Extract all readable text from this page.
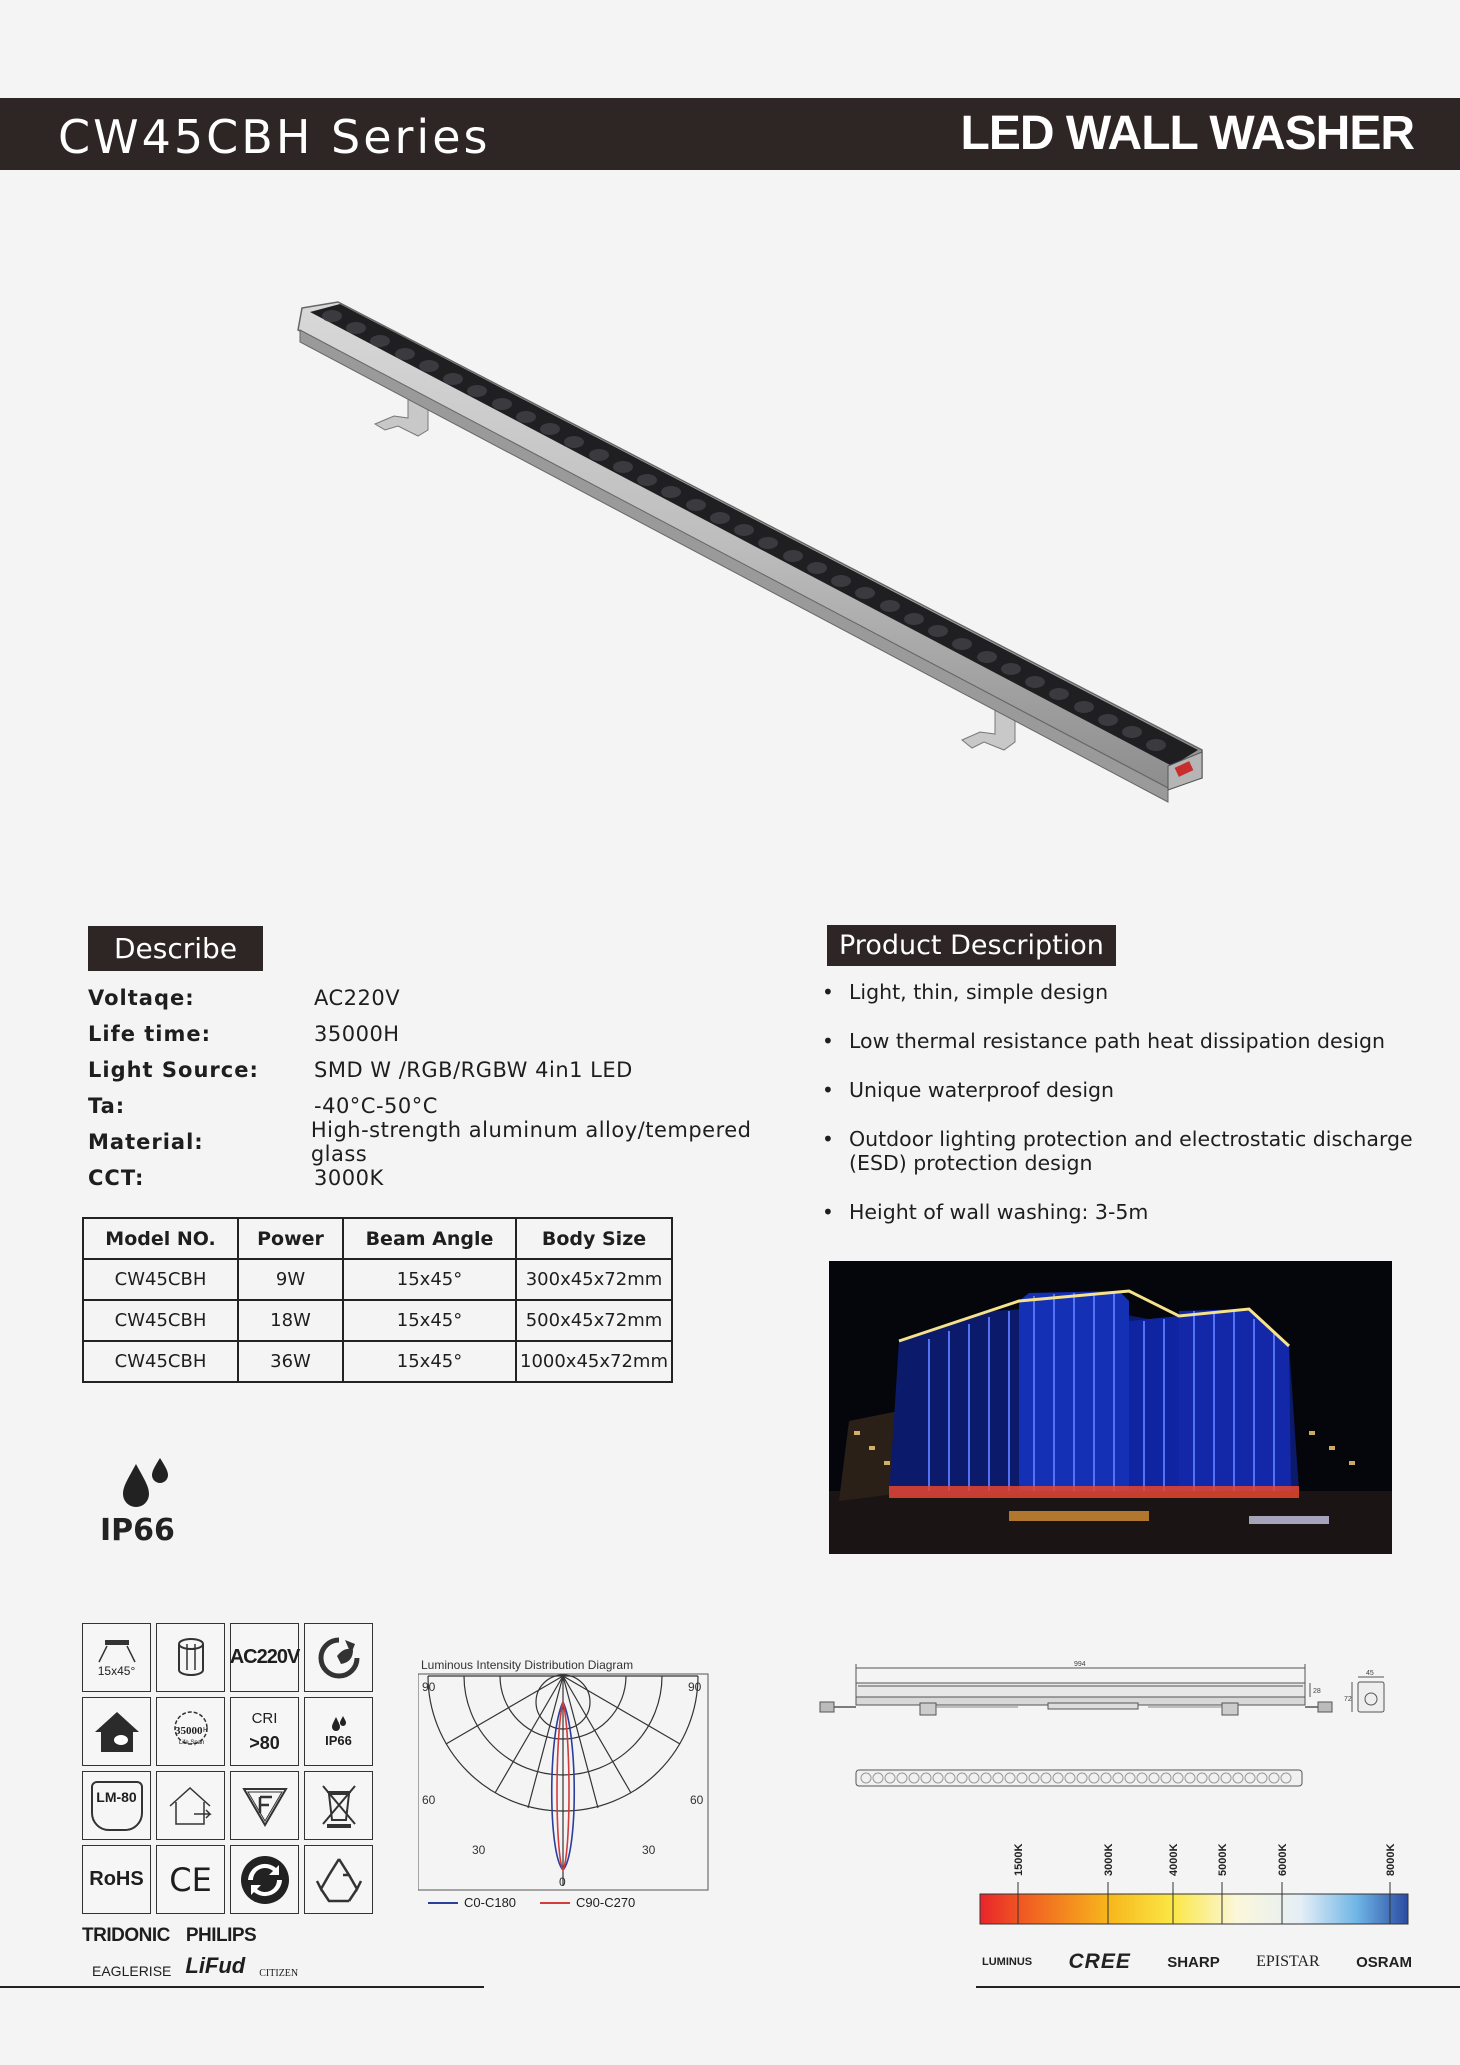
CW45CBH Series	LED WALL WASHER
Describe
Voltaqe:	AC220V
Life time:	35000H
Light Source:	SMD W /RGB/RGBW 4in1 LED
Ta:	-40°C-50°C
Material:	High-strength aluminum alloy/tempered glass
CCT:	3000K
Model NO.	Power	Beam Angle	Body Size
CW45CBH	9W	15x45°	300x45x72mm
CW45CBH	18W	15x45°	500x45x72mm
CW45CBH	36W	15x45°	1000x45x72mm
Product Description
• Light, thin, simple design
• Low thermal resistance path heat dissipation design
• Unique waterproof design
• Outdoor lighting protection and electrostatic discharge (ESD) protection design
• Height of wall washing: 3-5m
IP66
15x45°
AC220V
35000 H
Life Span
CRI
>80	IP66
LM-80
RoHS CE
TRIDONIC PHILIPS
EAGLERISE LiFud CITIZEN
Luminous Intensity Distribution Diagram
90	90
60	60
30	30
0
C0-C180	C90-C270
994
28
45
72
1500K	3000K	4000K	5000K	6000K	8000K
LUMINUS CREE SHARP EPISTAR OSRAM
